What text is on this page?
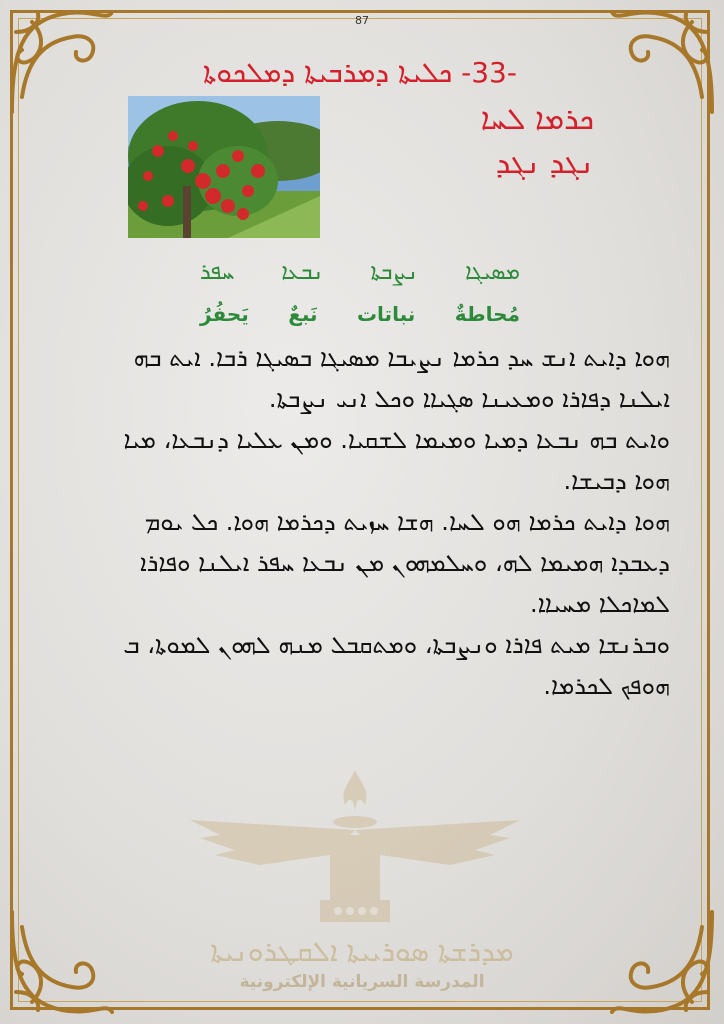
87
-33- ܟܠܝܬܐ ܕܡܪܒܝܬܐ ܕܡܠܟܘܬܐ
ܟܪܡܐ ܠܚܐ
ܢܓܕ ܢܓܕ
ܡܣܝܓܐ
ܢܨܒܬܐ
ܢܒܥܐ
ܚܦܪ
مُحاطةٌ
نباتات
نَبعٌ
يَحفُرُ

ܗܘܐ ܕܐܝܬ ܐܢܫ ܚܕ ܟܪܡܐ ܢܨܝܒܐ ܡܣܝܓܐ ܒܣܝܓܐ ܪܒܐ. ܐܝܬ ܒܗ ܐܝܠܢܐ ܕܦܐܪܐ ܘܡܥܝܢܐ ܣܓܝܐܐ ܘܟܠ ܐܢܝ ܢܨܒܬܐ.

ܘܐܝܬ ܒܗ ܢܒܥܐ ܕܡܝܐ ܘܡܝܡܐ ܠܫܩܝܐ. ܘܡܢ ܥܠܝܐ ܕܢܒܥܐ، ܡܝܐ ܗܘܐ ܕܒܝܫܐ.

ܗܘܐ ܕܐܝܬ ܟܪܡܐ ܗܘ ܠܚܐ. ܗܫܐ ܚܙܝܬ ܕܟܪܡܐ ܗܘܐ. ܟܠ ܝܘܡ ܕܥܒܕܐ ܗܡܝܡܐ ܠܗ، ܘܚܠܡܗܘܢ ܡܢ ܢܒܥܐ ܚܦܪ ܐܝܠܢܐ ܘܦܐܪܐ ܠܡܐܟܠܐ ܡܚܝܐܐ.

ܘܒܪܢܫܐ ܡܝܬ ܦܐܪܐ ܘܢܨܒܬܐ، ܘܡܬܩܒܠ ܡܢܗ ܠܗܘܢ ܠܡܘܬܐ، ܒ ܗܘܦܟ ܠܟܪܡܐ.

ܡܕܪܫܬܐ ܣܘܪܝܝܬܐ ܐܠܩܛܪܘܢܝܬܐ
المدرسة السريانية الإلكترونية
